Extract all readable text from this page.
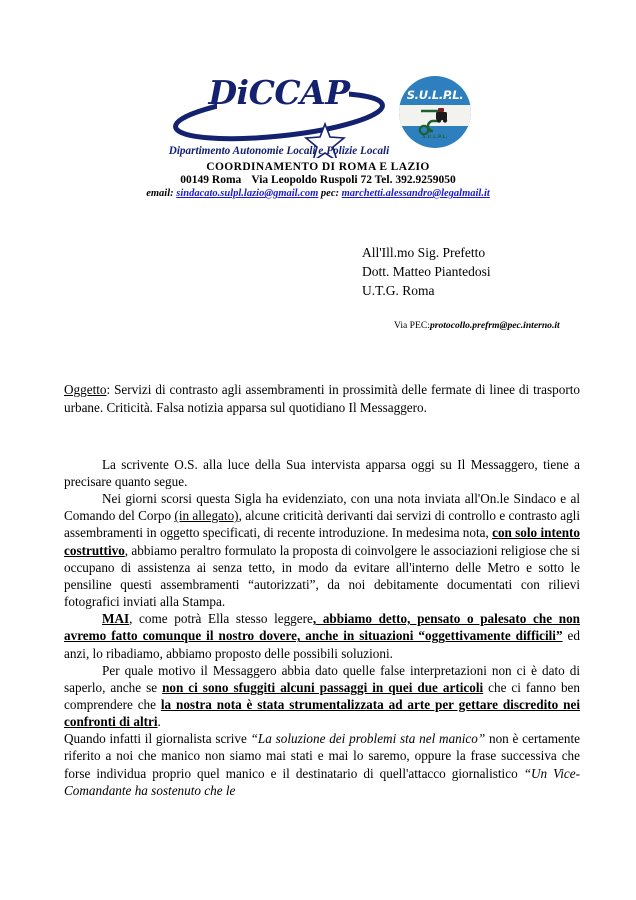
DiCCAP
Dipartimento Autonomie Locali e Polizie Locali
S.U.L.P.L.
S.U.L.P.L.
COORDINAMENTO DI ROMA E LAZIO
00149 Roma Via Leopoldo Ruspoli 72 Tel. 392.9259050
email: sindacato.sulpl.lazio@gmail.com pec: marchetti.alessandro@legalmail.it
All'Ill.mo Sig. Prefetto
Dott. Matteo Piantedosi
U.T.G. Roma
Via PEC:protocollo.prefrm@pec.interno.it

Oggetto: Servizi di contrasto agli assembramenti in prossimità delle fermate di linee di trasporto urbane. Criticità. Falsa notizia apparsa sul quotidiano Il Messaggero.

La scrivente O.S. alla luce della Sua intervista apparsa oggi su Il Messaggero, tiene a precisare quanto segue.

Nei giorni scorsi questa Sigla ha evidenziato, con una nota inviata all'On.le Sindaco e al Comando del Corpo (in allegato), alcune criticità derivanti dai servizi di controllo e contrasto agli assembramenti in oggetto specificati, di recente introduzione. In medesima nota, con solo intento costruttivo, abbiamo peraltro formulato la proposta di coinvolgere le associazioni religiose che si occupano di assistenza ai senza tetto, in modo da evitare all'interno delle Metro e sotto le pensiline questi assembramenti “autorizzati”, da noi debitamente documentati con rilievi fotografici inviati alla Stampa.

MAI, come potrà Ella stesso leggere, abbiamo detto, pensato o palesato che non avremo fatto comunque il nostro dovere, anche in situazioni “oggettivamente difficili” ed anzi, lo ribadiamo, abbiamo proposto delle possibili soluzioni.

Per quale motivo il Messaggero abbia dato quelle false interpretazioni non ci è dato di saperlo, anche se non ci sono sfuggiti alcuni passaggi in quei due articoli che ci fanno ben comprendere che la nostra nota è stata strumentalizzata ad arte per gettare discredito nei confronti di altri.

Quando infatti il giornalista scrive “La soluzione dei problemi sta nel manico” non è certamente riferito a noi che manico non siamo mai stati e mai lo saremo, oppure la frase successiva che forse individua proprio quel manico e il destinatario di quell'attacco giornalistico “Un Vice-Comandante ha sostenuto che le
